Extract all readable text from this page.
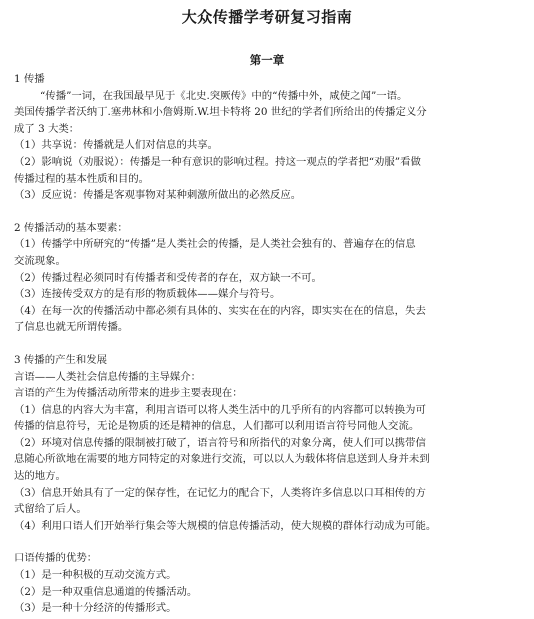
大众传播学考研复习指南
第一章

1 传播

“传播”一词，在我国最早见于《北史.突厥传》中的“传播中外，咸使之闻”一语。

美国传播学者沃纳丁.塞弗林和小詹姆斯.W.坦卡特将 20 世纪的学者们所给出的传播定义分

成了 3 大类：

（1）共享说：传播就是人们对信息的共享。

（2）影响说（劝服说）：传播是一种有意识的影响过程。持这一观点的学者把“劝服”看做

传播过程的基本性质和目的。

（3）反应说：传播是客观事物对某种刺激所做出的必然反应。

2 传播活动的基本要素：

（1）传播学中所研究的“传播”是人类社会的传播，是人类社会独有的、普遍存在的信息

交流现象。

（2）传播过程必须同时有传播者和受传者的存在，双方缺一不可。

（3）连接传受双方的是有形的物质载体——媒介与符号。

（4）在每一次的传播活动中都必须有具体的、实实在在的内容，即实实在在的信息，失去

了信息也就无所谓传播。

3 传播的产生和发展

言语——人类社会信息传播的主导媒介：

言语的产生为传播活动所带来的进步主要表现在：

（1）信息的内容大为丰富，利用言语可以将人类生活中的几乎所有的内容都可以转换为可

传播的信息符号，无论是物质的还是精神的信息，人们都可以利用语言符号同他人交流。

（2）环境对信息传播的限制被打破了，语言符号和所指代的对象分离，使人们可以携带信

息随心所欲地在需要的地方同特定的对象进行交流，可以以人为载体将信息送到人身并未到

达的地方。

（3）信息开始具有了一定的保存性，在记忆力的配合下，人类将许多信息以口耳相传的方

式留给了后人。

（4）利用口语人们开始举行集会等大规模的信息传播活动，使大规模的群体行动成为可能。

口语传播的优势：

（1）是一种积极的互动交流方式。

（2）是一种双重信息通道的传播活动。

（3）是一种十分经济的传播形式。
